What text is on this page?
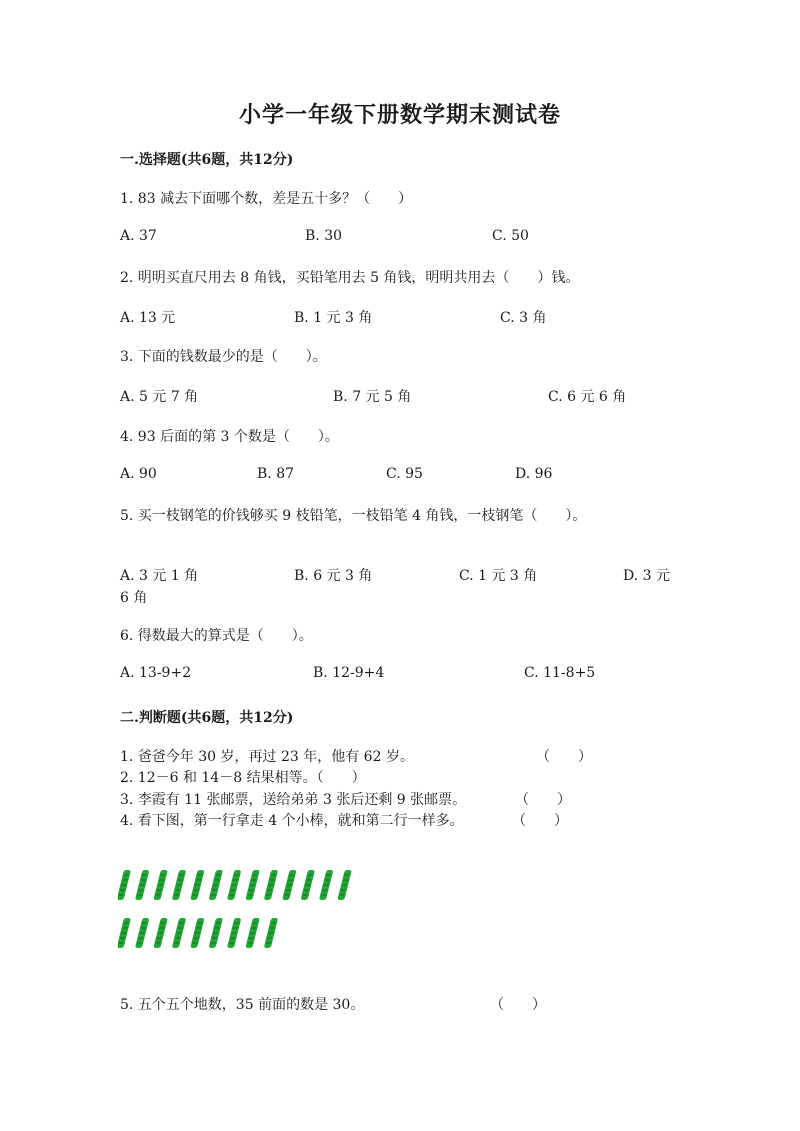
小学一年级下册数学期末测试卷
一.选择题(共6题，共12分)
1. 83 减去下面哪个数，差是五十多？（　　）
A. 37	B. 30	C. 50
2. 明明买直尺用去 8 角钱，买铅笔用去 5 角钱，明明共用去（　　）钱。
A. 13 元	B. 1 元 3 角	C. 3 角
3. 下面的钱数最少的是（　　）。
A. 5 元 7 角	B. 7 元 5 角	C. 6 元 6 角
4. 93 后面的第 3 个数是（　　）。
A. 90	B. 87	C. 95	D. 96
5. 买一枝钢笔的价钱够买 9 枝铅笔，一枝铅笔 4 角钱，一枝钢笔（　　）。
A. 3 元 1 角	B. 6 元 3 角	C. 1 元 3 角	D. 3 元
6 角
6. 得数最大的算式是（　　）。
A. 13-9+2	B. 12-9+4	C. 11-8+5
二.判断题(共6题，共12分)
1. 爸爸今年 30 岁，再过 23 年，他有 62 岁。	（　　）
2. 12－6 和 14－8 结果相等。（　　）
3. 李霞有 11 张邮票，送给弟弟 3 张后还剩 9 张邮票。	（　　）
4. 看下图，第一行拿走 4 个小棒，就和第二行一样多。	（　　）
5. 五个五个地数，35 前面的数是 30。	（　　）
